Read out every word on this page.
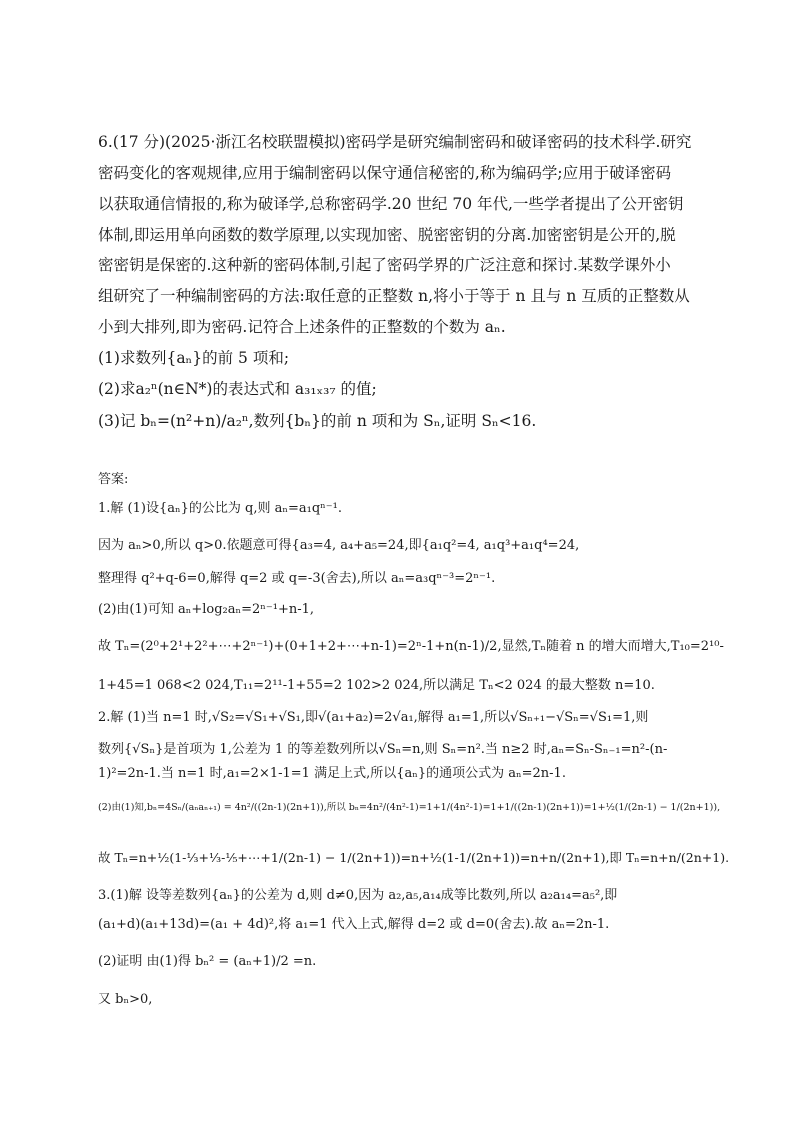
6.(17 分)(2025·浙江名校联盟模拟)密码学是研究编制密码和破译密码的技术科学.研究
密码变化的客观规律,应用于编制密码以保守通信秘密的,称为编码学;应用于破译密码
以获取通信情报的,称为破译学,总称密码学.20 世纪 70 年代,一些学者提出了公开密钥
体制,即运用单向函数的数学原理,以实现加密、脱密密钥的分离.加密密钥是公开的,脱
密密钥是保密的.这种新的密码体制,引起了密码学界的广泛注意和探讨.某数学课外小
组研究了一种编制密码的方法:取任意的正整数 n,将小于等于 n 且与 n 互质的正整数从
小到大排列,即为密码.记符合上述条件的正整数的个数为 aₙ.
(1)求数列{aₙ}的前 5 项和;
(2)求a₂ⁿ(n∈N*)的表达式和 a₃₁ₓ₃₇ 的值;
(3)记 bₙ=(n²+n)/a₂ⁿ,数列{bₙ}的前 n 项和为 Sₙ,证明 Sₙ<16.
答案:
1.解 (1)设{aₙ}的公比为 q,则 aₙ=a₁qⁿ⁻¹.
因为 aₙ>0,所以 q>0.依题意可得{a₃=4, a₄+a₅=24,即{a₁q²=4, a₁q³+a₁q⁴=24,
整理得 q²+q-6=0,解得 q=2 或 q=-3(舍去),所以 aₙ=a₃qⁿ⁻³=2ⁿ⁻¹.
(2)由(1)可知 aₙ+log₂aₙ=2ⁿ⁻¹+n-1,
故 Tₙ=(2⁰+2¹+2²+⋯+2ⁿ⁻¹)+(0+1+2+⋯+n-1)=2ⁿ-1+n(n-1)/2,显然,Tₙ随着 n 的增大而增大,T₁₀=2¹⁰-
1+45=1 068<2 024,T₁₁=2¹¹-1+55=2 102>2 024,所以满足 Tₙ<2 024 的最大整数 n=10.
2.解 (1)当 n=1 时,√S₂=√S₁+√S₁,即√(a₁+a₂)=2√a₁,解得 a₁=1,所以√Sₙ₊₁−√Sₙ=√S₁=1,则
数列{√Sₙ}是首项为 1,公差为 1 的等差数列所以√Sₙ=n,则 Sₙ=n².当 n≥2 时,aₙ=Sₙ-Sₙ₋₁=n²-(n-
1)²=2n-1.当 n=1 时,a₁=2×1-1=1 满足上式,所以{aₙ}的通项公式为 aₙ=2n-1.
(2)由(1)知,bₙ=4Sₙ/(aₙaₙ₊₁) = 4n²/((2n-1)(2n+1)),所以 bₙ=4n²/(4n²-1)=1+1/(4n²-1)=1+1/((2n-1)(2n+1))=1+½(1/(2n-1) − 1/(2n+1)),
故 Tₙ=n+½(1-⅓+⅓-⅕+⋯+1/(2n-1) − 1/(2n+1))=n+½(1-1/(2n+1))=n+n/(2n+1),即 Tₙ=n+n/(2n+1).
3.(1)解 设等差数列{aₙ}的公差为 d,则 d≠0,因为 a₂,a₅,a₁₄成等比数列,所以 a₂a₁₄=a₅²,即
(a₁+d)(a₁+13d)=(a₁ + 4d)²,将 a₁=1 代入上式,解得 d=2 或 d=0(舍去).故 aₙ=2n-1.
(2)证明 由(1)得 bₙ² = (aₙ+1)/2 =n.
又 bₙ>0,
